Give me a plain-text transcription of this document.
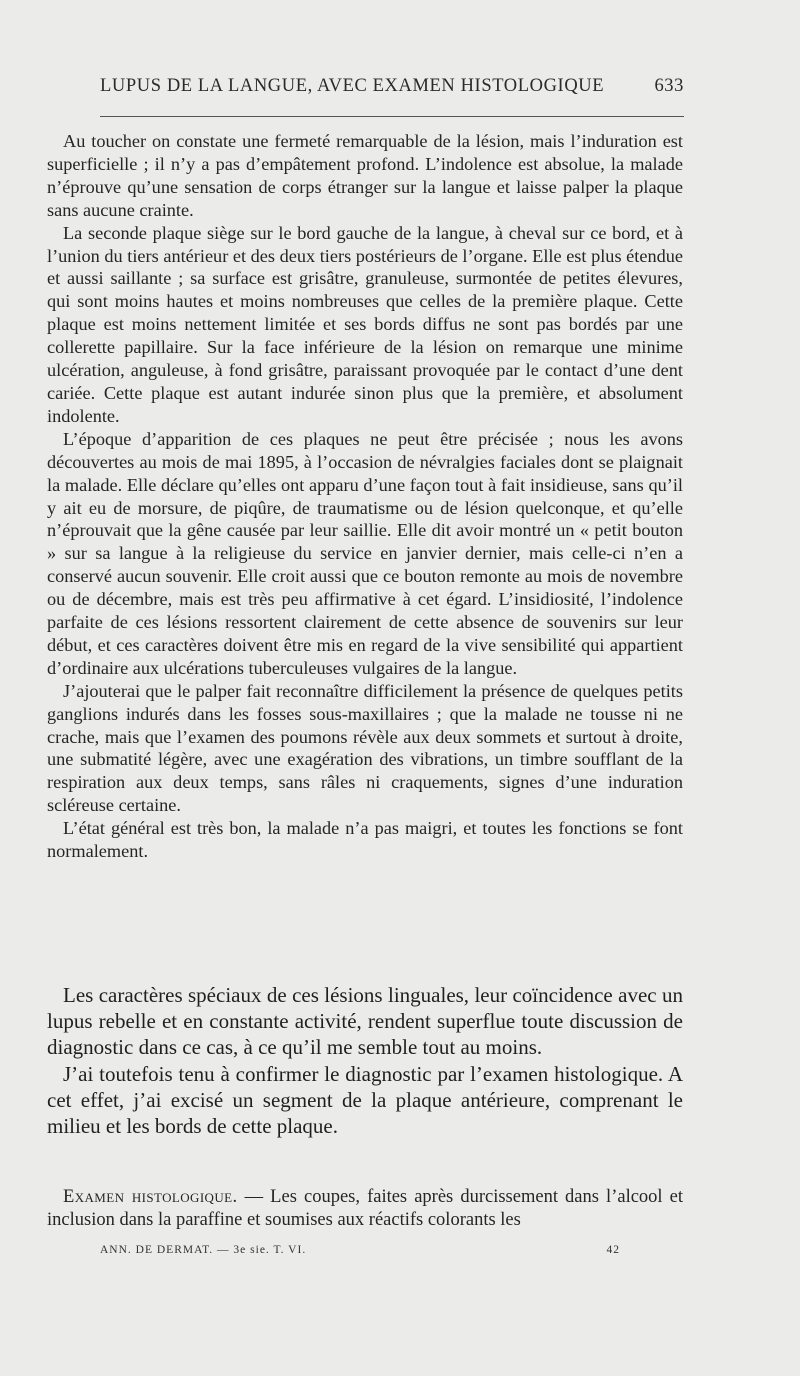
LUPUS DE LA LANGUE, AVEC EXAMEN HISTOLOGIQUE	633

Au toucher on constate une fermeté remarquable de la lésion, mais l’induration est superficielle ; il n’y a pas d’empâtement profond. L’indolence est absolue, la malade n’éprouve qu’une sensation de corps étranger sur la langue et laisse palper la plaque sans aucune crainte.

La seconde plaque siège sur le bord gauche de la langue, à cheval sur ce bord, et à l’union du tiers antérieur et des deux tiers postérieurs de l’organe. Elle est plus étendue et aussi saillante ; sa surface est grisâtre, granuleuse, surmontée de petites élevures, qui sont moins hautes et moins nombreuses que celles de la première plaque. Cette plaque est moins nettement limitée et ses bords diffus ne sont pas bordés par une collerette papillaire. Sur la face inférieure de la lésion on remarque une minime ulcération, anguleuse, à fond grisâtre, paraissant provoquée par le contact d’une dent cariée. Cette plaque est autant indurée sinon plus que la première, et absolument indolente.

L’époque d’apparition de ces plaques ne peut être précisée ; nous les avons découvertes au mois de mai 1895, à l’occasion de névralgies faciales dont se plaignait la malade. Elle déclare qu’elles ont apparu d’une façon tout à fait insidieuse, sans qu’il y ait eu de morsure, de piqûre, de traumatisme ou de lésion quelconque, et qu’elle n’éprouvait que la gêne causée par leur saillie. Elle dit avoir montré un « petit bouton » sur sa langue à la religieuse du service en janvier dernier, mais celle-ci n’en a conservé aucun souvenir. Elle croit aussi que ce bouton remonte au mois de novembre ou de décembre, mais est très peu affirmative à cet égard. L’insidiosité, l’indolence parfaite de ces lésions ressortent clairement de cette absence de souvenirs sur leur début, et ces caractères doivent être mis en regard de la vive sensibilité qui appartient d’ordinaire aux ulcérations tuberculeuses vulgaires de la langue.

J’ajouterai que le palper fait reconnaître difficilement la présence de quelques petits ganglions indurés dans les fosses sous-maxillaires ; que la malade ne tousse ni ne crache, mais que l’examen des poumons révèle aux deux sommets et surtout à droite, une submatité légère, avec une exagération des vibrations, un timbre soufflant de la respiration aux deux temps, sans râles ni craquements, signes d’une induration scléreuse certaine.

L’état général est très bon, la malade n’a pas maigri, et toutes les fonctions se font normalement.

Les caractères spéciaux de ces lésions linguales, leur coïncidence avec un lupus rebelle et en constante activité, rendent superflue toute discussion de diagnostic dans ce cas, à ce qu’il me semble tout au moins.

J’ai toutefois tenu à confirmer le diagnostic par l’examen histologique. A cet effet, j’ai excisé un segment de la plaque antérieure, comprenant le milieu et les bords de cette plaque.

Examen histologique. — Les coupes, faites après durcissement dans l’alcool et inclusion dans la paraffine et soumises aux réactifs colorants les

ANN. DE DERMAT. — 3e sie. T. VI.	42
